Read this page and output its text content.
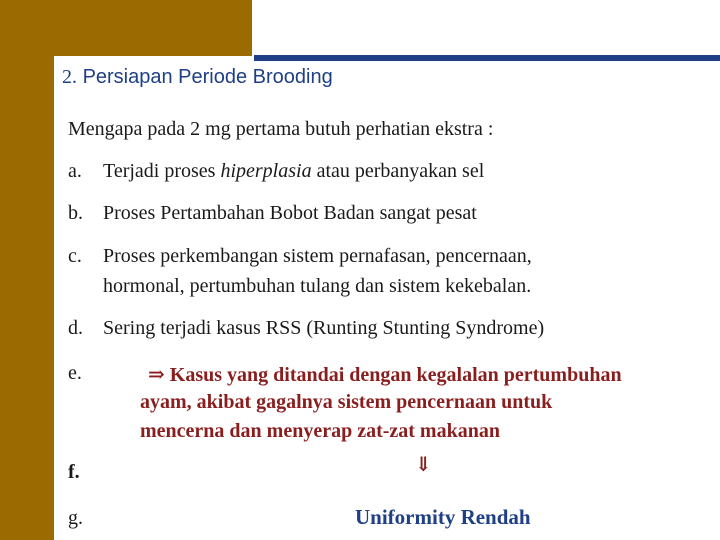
2. Persiapan Periode Brooding
Mengapa pada 2 mg pertama butuh perhatian ekstra :
a. Terjadi proses hiperplasia atau perbanyakan sel
b. Proses Pertambahan Bobot Badan sangat pesat
c. Proses perkembangan sistem pernafasan, pencernaan,
hormonal, pertumbuhan tulang dan sistem kekebalan.
d. Sering terjadi kasus RSS (Runting Stunting Syndrome)
e.	⇒ Kasus yang ditandai dengan kegalalan pertumbuhan
ayam, akibat gagalnya sistem pencernaan untuk
mencerna dan menyerap zat-zat makanan
f.	⇓
g.	Uniformity Rendah
